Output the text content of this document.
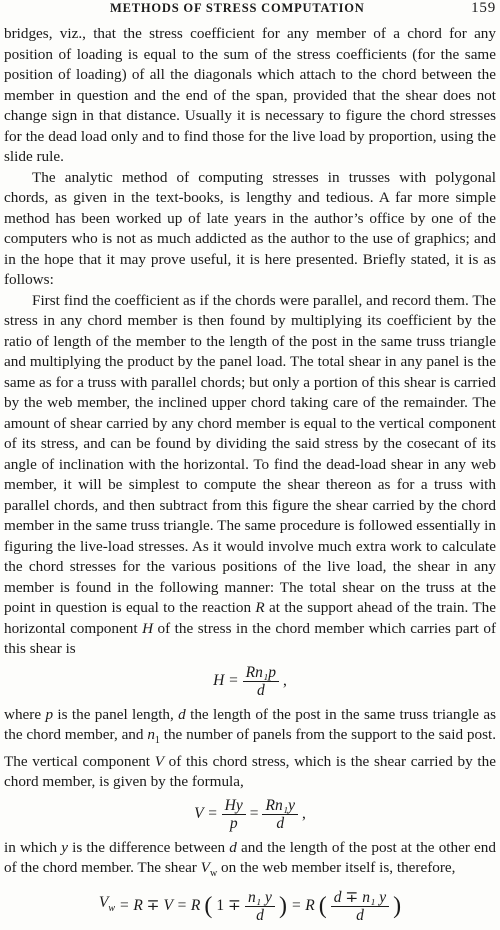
METHODS OF STRESS COMPUTATION	159

bridges, viz., that the stress coefficient for any member of a chord for any position of loading is equal to the sum of the stress coefficients (for the same position of loading) of all the diagonals which attach to the chord between the member in question and the end of the span, provided that the shear does not change sign in that distance. Usually it is necessary to figure the chord stresses for the dead load only and to find those for the live load by proportion, using the slide rule.

The analytic method of computing stresses in trusses with polygonal chords, as given in the text-books, is lengthy and tedious. A far more simple method has been worked up of late years in the author’s office by one of the computers who is not as much addicted as the author to the use of graphics; and in the hope that it may prove useful, it is here presented. Briefly stated, it is as follows:

First find the coefficient as if the chords were parallel, and record them. The stress in any chord member is then found by multiplying its coefficient by the ratio of length of the member to the length of the post in the same truss triangle and multiplying the product by the panel load. The total shear in any panel is the same as for a truss with parallel chords; but only a portion of this shear is carried by the web member, the inclined upper chord taking care of the remainder. The amount of shear carried by any chord member is equal to the vertical component of its stress, and can be found by dividing the said stress by the cosecant of its angle of inclination with the horizontal. To find the dead-load shear in any web member, it will be simplest to compute the shear thereon as for a truss with parallel chords, and then subtract from this figure the shear carried by the chord member in the same truss triangle. The same procedure is followed essentially in figuring the live-load stresses. As it would involve much extra work to calculate the chord stresses for the various positions of the live load, the shear in any member is found in the following manner: The total shear on the truss at the point in question is equal to the reaction R at the support ahead of the train. The horizontal component H of the stress in the chord member which carries part of this shear is

$H = \frac{\text{Rn₁p}}{d}$ ,

where p is the panel length, d the length of the post in the same truss triangle as the chord member, and $n_1$ the number of panels from the support to the said post. The vertical component V of this chord stress, which is the shear carried by the chord member, is given by the formula,

$V = \frac{Hy}{p} = \frac{\text{Rn₁y}}{d}$ ,

in which y is the difference between d and the length of the post at the other end of the chord member. The shear $V_w$ on the web member itself is, therefore,

$V_w = R \mp V = R$ ( $1 \mp \frac{\text{n₁ y}}{d}$ ) = R ( $\frac{\text{d ∓ n₁ y}}{d}$ )
